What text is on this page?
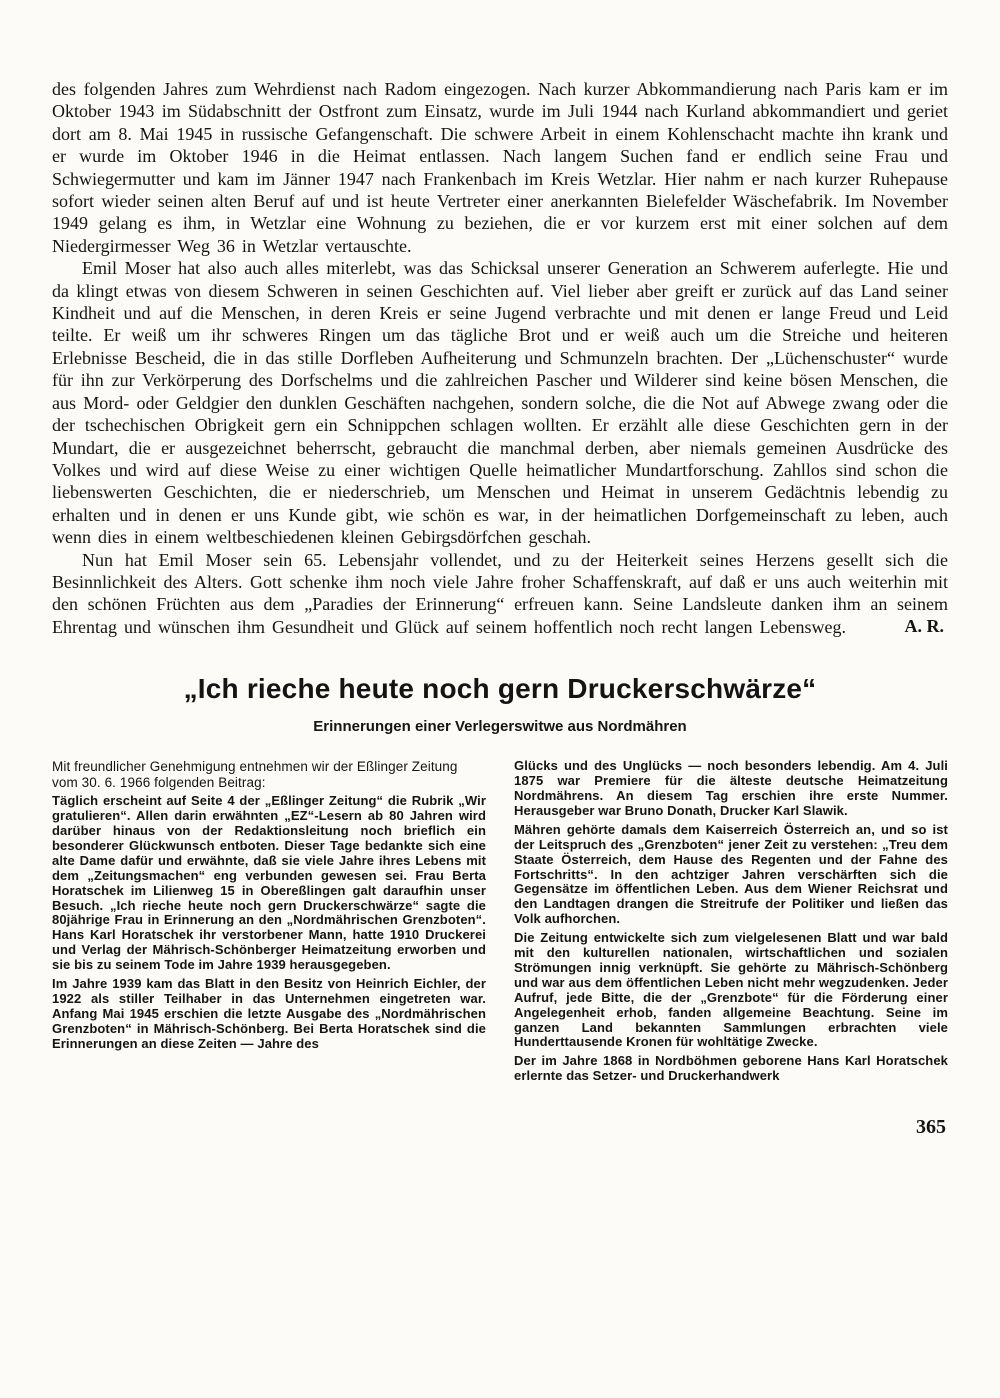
des folgenden Jahres zum Wehrdienst nach Radom eingezogen. Nach kurzer Abkommandierung nach Paris kam er im Oktober 1943 im Südabschnitt der Ostfront zum Einsatz, wurde im Juli 1944 nach Kurland abkommandiert und geriet dort am 8. Mai 1945 in russische Gefangenschaft. Die schwere Arbeit in einem Kohlenschacht machte ihn krank und er wurde im Oktober 1946 in die Heimat entlassen. Nach langem Suchen fand er endlich seine Frau und Schwiegermutter und kam im Jänner 1947 nach Frankenbach im Kreis Wetzlar. Hier nahm er nach kurzer Ruhepause sofort wieder seinen alten Beruf auf und ist heute Vertreter einer anerkannten Bielefelder Wäschefabrik. Im November 1949 gelang es ihm, in Wetzlar eine Wohnung zu beziehen, die er vor kurzem erst mit einer solchen auf dem Niedergirmesser Weg 36 in Wetzlar vertauschte.

Emil Moser hat also auch alles miterlebt, was das Schicksal unserer Generation an Schwerem auferlegte. Hie und da klingt etwas von diesem Schweren in seinen Geschichten auf. Viel lieber aber greift er zurück auf das Land seiner Kindheit und auf die Menschen, in deren Kreis er seine Jugend verbrachte und mit denen er lange Freud und Leid teilte. Er weiß um ihr schweres Ringen um das tägliche Brot und er weiß auch um die Streiche und heiteren Erlebnisse Bescheid, die in das stille Dorfleben Aufheiterung und Schmunzeln brachten. Der „Lüchenschuster“ wurde für ihn zur Verkörperung des Dorfschelms und die zahlreichen Pascher und Wilderer sind keine bösen Menschen, die aus Mord- oder Geldgier den dunklen Geschäften nachgehen, sondern solche, die die Not auf Abwege zwang oder die der tschechischen Obrigkeit gern ein Schnippchen schlagen wollten. Er erzählt alle diese Geschichten gern in der Mundart, die er ausgezeichnet beherrscht, gebraucht die manchmal derben, aber niemals gemeinen Ausdrücke des Volkes und wird auf diese Weise zu einer wichtigen Quelle heimatlicher Mundartforschung. Zahllos sind schon die liebenswerten Geschichten, die er niederschrieb, um Menschen und Heimat in unserem Gedächtnis lebendig zu erhalten und in denen er uns Kunde gibt, wie schön es war, in der heimatlichen Dorfgemeinschaft zu leben, auch wenn dies in einem weltbeschiedenen kleinen Gebirgsdörfchen geschah.

Nun hat Emil Moser sein 65. Lebensjahr vollendet, und zu der Heiterkeit seines Herzens gesellt sich die Besinnlichkeit des Alters. Gott schenke ihm noch viele Jahre froher Schaffenskraft, auf daß er uns auch weiterhin mit den schönen Früchten aus dem „Paradies der Erinnerung“ erfreuen kann. Seine Landsleute danken ihm an seinem Ehrentag und wünschen ihm Gesundheit und Glück auf seinem hoffentlich noch recht langen Lebensweg.	A. R.
„Ich rieche heute noch gern Druckerschwärze“
Erinnerungen einer Verlegerswitwe aus Nordmähren

Mit freundlicher Genehmigung entnehmen wir der Eßlinger Zeitung vom 30. 6. 1966 folgenden Beitrag:

Täglich erscheint auf Seite 4 der „Eßlinger Zeitung“ die Rubrik „Wir gratulieren“. Allen darin erwähnten „EZ“-Lesern ab 80 Jahren wird darüber hinaus von der Redaktionsleitung noch brieflich ein besonderer Glückwunsch entboten. Dieser Tage bedankte sich eine alte Dame dafür und erwähnte, daß sie viele Jahre ihres Lebens mit dem „Zeitungsmachen“ eng verbunden gewesen sei. Frau Berta Horatschek im Lilienweg 15 in Obereßlingen galt daraufhin unser Besuch. „Ich rieche heute noch gern Druckerschwärze“ sagte die 80jährige Frau in Erinnerung an den „Nordmährischen Grenzboten“. Hans Karl Horatschek ihr verstorbener Mann, hatte 1910 Druckerei und Verlag der Mährisch-Schönberger Heimatzeitung erworben und sie bis zu seinem Tode im Jahre 1939 herausgegeben.

Im Jahre 1939 kam das Blatt in den Besitz von Heinrich Eichler, der 1922 als stiller Teilhaber in das Unternehmen eingetreten war. Anfang Mai 1945 erschien die letzte Ausgabe des „Nordmährischen Grenzboten“ in Mährisch-Schönberg. Bei Berta Horatschek sind die Erinnerungen an diese Zeiten — Jahre des

Glücks und des Unglücks — noch besonders lebendig. Am 4. Juli 1875 war Premiere für die älteste deutsche Heimatzeitung Nordmährens. An diesem Tag erschien ihre erste Nummer. Herausgeber war Bruno Donath, Drucker Karl Slawik.

Mähren gehörte damals dem Kaiserreich Österreich an, und so ist der Leitspruch des „Grenzboten“ jener Zeit zu verstehen: „Treu dem Staate Österreich, dem Hause des Regenten und der Fahne des Fortschritts“. In den achtziger Jahren verschärften sich die Gegensätze im öffentlichen Leben. Aus dem Wiener Reichsrat und den Landtagen drangen die Streitrufe der Politiker und ließen das Volk aufhorchen.

Die Zeitung entwickelte sich zum vielgelesenen Blatt und war bald mit den kulturellen nationalen, wirtschaftlichen und sozialen Strömungen innig verknüpft. Sie gehörte zu Mährisch-Schönberg und war aus dem öffentlichen Leben nicht mehr wegzudenken. Jeder Aufruf, jede Bitte, die der „Grenzbote“ für die Förderung einer Angelegenheit erhob, fanden allgemeine Beachtung. Seine im ganzen Land bekannten Sammlungen erbrachten viele Hunderttausende Kronen für wohltätige Zwecke.

Der im Jahre 1868 in Nordböhmen geborene Hans Karl Horatschek erlernte das Setzer- und Druckerhandwerk

365
